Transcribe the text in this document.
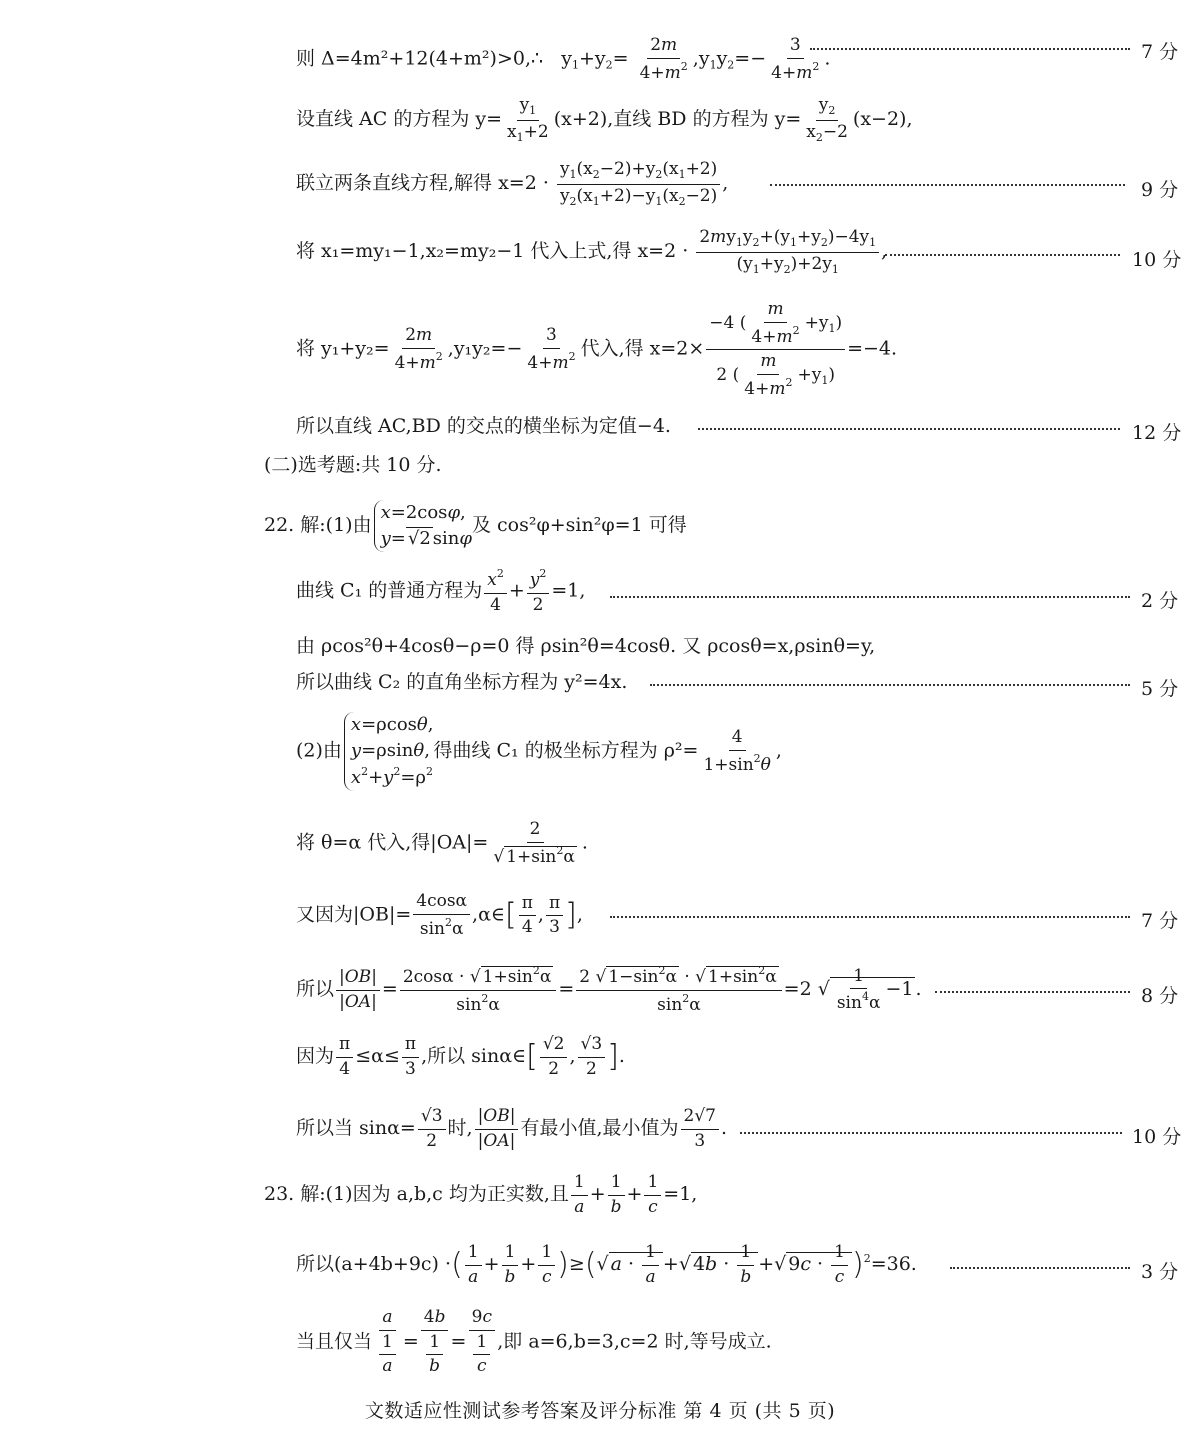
则 Δ=4m²+12(4+m²)>0,∴   $y_1+y_2= \frac{2m}{4+m^2} ,y_1y_2=- \frac{3}{4+m^2}$ .	7 分
设直线 AC 的方程为 $y= \frac{y_1}{x_1+2} (x+2)$,直线 BD 的方程为 $y= \frac{y_2}{x_2-2} (x-2)$,
联立两条直线方程,解得 $x=2 \cdot \frac{y_1(x_2-2)+y_2(x_1+2)}{y_2(x_1+2)-y_1(x_2-2)}$ ,	9 分
将 x₁=my₁−1,x₂=my₂−1 代入上式,得 $x=2 \cdot \frac{2my_1y_2+(y_1+y_2)-4y_1}{(y_1+y_2)+2y_1}$ ,	10 分
将 $y_1+y_2= \frac{2m}{4+m^2} ,y_1y_2=- \frac{3}{4+m^2}$ 代入,得 $x=2\times \frac{-4 ( \frac{m}{4+m^2} +y_1)}{2 ( \frac{m}{4+m^2} +y_1)} =-4$.
所以直线 AC,BD 的交点的横坐标为定值−4.	12 分
(二)选考题:共 10 分.
22. 解:(1)由
x=2cosφ,
y= √2 sinφ
及 cos²φ+sin²φ=1 可得
曲线 C₁ 的普通方程为 $\frac{x^2}{4} + \frac{y^2}{2} =1$,	2 分
由 ρcos²θ+4cosθ−ρ=0 得 ρsin²θ=4cosθ. 又 ρcosθ=x,ρsinθ=y,
所以曲线 C₂ 的直角坐标方程为 y²=4x.	5 分
(2)由
x=ρcosθ,
y=ρsinθ,
$x^2+y^2=\rho^2$
得曲线 C₁ 的极坐标方程为 $\rho^2= \frac{4}{1+\sin^2\theta}$ ,
将 θ=α 代入,得$|OA|= \frac{2}{√ 1+\sin^2\alpha}$ .
又因为$|OB|= \frac{4\cos\alpha}{\sin^2\alpha}$ ,α∈[ $\frac{\pi}{4}$ , $\frac{\pi}{3}$ ],	7 分
所以 $\frac{|OB|}{|OA|} = \frac{2\cos\alpha \cdot √ 1+\sin^2\alpha}{\sin^2\alpha} = \frac{2 √ 1-\sin^2\alpha \cdot √ 1+\sin^2\alpha}{\sin^2\alpha} =2$ √ $\frac{1}{\sin^4\alpha} -1$ .	8 分
因为 $\frac{\pi}{4} \le\alpha\le \frac{\pi}{3}$ ,所以 sinα∈[ $\frac{√2}{2}$ , $\frac{√3}{2}$ ].
所以当 $\sin\alpha= \frac{√3}{2}$ 时, $\frac{|OB|}{|OA|}$ 有最小值,最小值为 $\frac{2√7}{3}$ .	10 分
23. 解:(1)因为 a,b,c 均为正实数,且 $\frac{1}{a} + \frac{1}{b} + \frac{1}{c} =1$,
所以(a+4b+9c) ·( $\frac{1}{a} + \frac{1}{b} + \frac{1}{c}$ )≥(√ $a \cdot \frac{1}{a}$ +√ $4b \cdot \frac{1}{b}$ +√ $9c \cdot \frac{1}{c} )^2=36$.	3 分
当且仅当 $\frac{a}{\frac{1}{a}} = \frac{4b}{\frac{1}{b}} = \frac{9c}{\frac{1}{c}}$ ,即 a=6,b=3,c=2 时,等号成立.
文数适应性测试参考答案及评分标准 第 4 页 (共 5 页)
